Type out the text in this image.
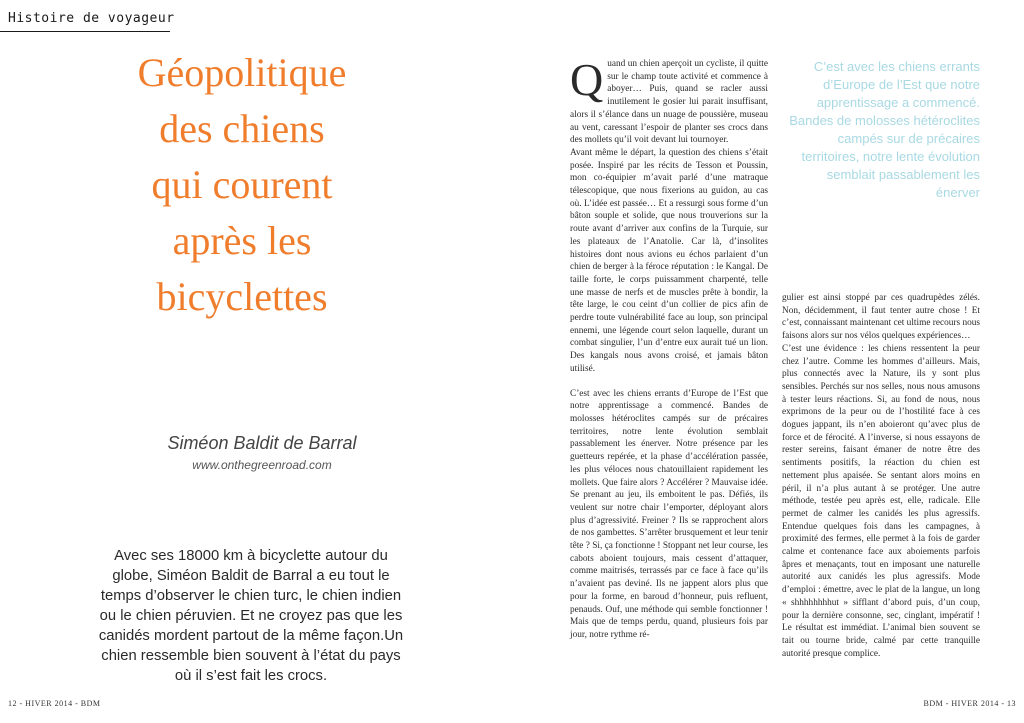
Histoire de voyageur
Géopolitique
des chiens
qui courent
après les
bicyclettes
Siméon Baldit de Barral
www.onthegreenroad.com

Avec ses 18000 km à bicyclette autour du globe, Siméon Baldit de Barral a eu tout le temps d’observer le chien turc, le chien indien ou le chien péruvien. Et ne croyez pas que les canidés mordent partout de la même façon.Un chien ressemble bien souvent à l’état du pays où il s’est fait les crocs.

12 - HIVER 2014 - BDM

Quand un chien aperçoit un cycliste, il quitte sur le champ toute activité et commence à aboyer… Puis, quand se racler aussi inutilement le gosier lui parait insuffisant, alors il s’élance dans un nuage de poussière, museau au vent, caressant l’espoir de planter ses crocs dans des mollets qu’il voit devant lui tournoyer.

Avant même le départ, la question des chiens s’était posée. Inspiré par les récits de Tesson et Poussin, mon co-équipier m’avait parlé d’une matraque télescopique, que nous fixerions au guidon, au cas où. L’idée est passée… Et a ressurgi sous forme d’un bâton souple et solide, que nous trouverions sur la route avant d’arriver aux confins de la Turquie, sur les plateaux de l’Anatolie. Car là, d’insolites histoires dont nous avions eu échos parlaient d’un chien de berger à la féroce réputation : le Kangal. De taille forte, le corps puissamment charpenté, telle une masse de nerfs et de muscles prête à bondir, la tête large, le cou ceint d’un collier de pics afin de perdre toute vulnérabilité face au loup, son principal ennemi, une légende court selon laquelle, durant un combat singulier, l’un d’entre eux aurait tué un lion. Des kangals nous avons croisé, et jamais bâton utilisé.

C’est avec les chiens errants d’Europe de l’Est que notre apprentissage a commencé. Bandes de molosses hétéroclites campés sur de précaires territoires, notre lente évolution semblait passablement les énerver. Notre présence par les guetteurs repérée, et la phase d’accélération passée, les plus véloces nous chatouillaient rapidement les mollets. Que faire alors ? Accélérer ? Mauvaise idée. Se prenant au jeu, ils emboitent le pas. Défiés, ils veulent sur notre chair l’emporter, déployant alors plus d’agressivité. Freiner ? Ils se rapprochent alors de nos gambettes. S’arrêter brusquement et leur tenir tête ? Si, ça fonctionne ! Stoppant net leur course, les cabots aboient toujours, mais cessent d’attaquer, comme maitrisés, terrassés par ce face à face qu’ils n’avaient pas deviné. Ils ne jappent alors plus que pour la forme, en baroud d’honneur, puis refluent, penauds. Ouf, une méthode qui semble fonctionner ! Mais que de temps perdu, quand, plusieurs fois par jour, notre rythme ré-

C’est avec les chiens errants d’Europe de l’Est que notre apprentissage a commencé. Bandes de molosses hétéroclites campés sur de précaires territoires, notre lente évolution semblait passablement les énerver

gulier est ainsi stoppé par ces quadrupèdes zélés. Non, décidemment, il faut tenter autre chose ! Et c’est, connaissant maintenant cet ultime recours nous faisons alors sur nos vélos quelques expériences…

C’est une évidence : les chiens ressentent la peur chez l’autre. Comme les hommes d’ailleurs. Mais, plus connectés avec la Nature, ils y sont plus sensibles. Perchés sur nos selles, nous nous amusons à tester leurs réactions. Si, au fond de nous, nous exprimons de la peur ou de l’hostilité face à ces dogues jappant, ils n’en aboieront qu’avec plus de force et de férocité. A l’inverse, si nous essayons de rester sereins, faisant émaner de notre être des sentiments positifs, la réaction du chien est nettement plus apaisée. Se sentant alors moins en péril, il n’a plus autant à se protéger. Une autre méthode, testée peu après est, elle, radicale. Elle permet de calmer les canidés les plus agressifs. Entendue quelques fois dans les campagnes, à proximité des fermes, elle permet à la fois de garder calme et contenance face aux aboiements parfois âpres et menaçants, tout en imposant une naturelle autorité aux canidés les plus agressifs. Mode d’emploi : émettre, avec le plat de la langue, un long « shhhhhhhhut » sifflant d’abord puis, d’un coup, pour la dernière consonne, sec, cinglant, impératif ! Le résultat est immédiat. L’animal bien souvent se tait ou tourne bride, calmé par cette tranquille autorité presque complice.

BDM - HIVER 2014 - 13
